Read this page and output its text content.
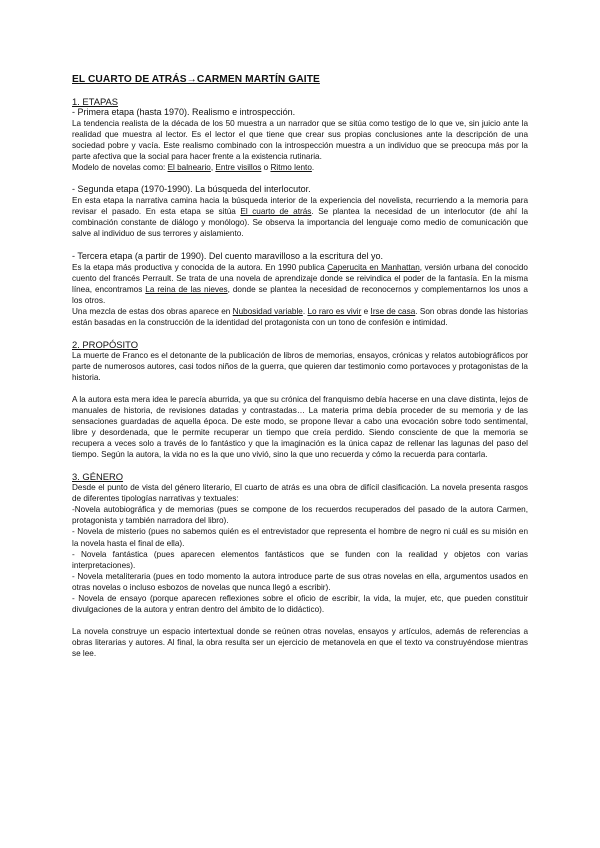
EL CUARTO DE ATRÁS→CARMEN MARTÍN GAITE
1. ETAPAS
- Primera etapa (hasta 1970). Realismo e introspección.
La tendencia realista de la década de los 50 muestra a un narrador que se sitúa como testigo de lo que ve, sin juicio ante la realidad que muestra al lector. Es el lector el que tiene que crear sus propias conclusiones ante la descripción de una sociedad pobre y vacía. Este realismo combinado con la introspección muestra a un individuo que se preocupa más por la parte afectiva que la social para hacer frente a la existencia rutinaria.
Modelo de novelas como: El balneario, Entre visillos o Ritmo lento.
- Segunda etapa (1970-1990). La búsqueda del interlocutor.
En esta etapa la narrativa camina hacia la búsqueda interior de la experiencia del novelista, recurriendo a la memoria para revisar el pasado. En esta etapa se sitúa El cuarto de atrás. Se plantea la necesidad de un interlocutor (de ahí la combinación constante de diálogo y monólogo). Se observa la importancia del lenguaje como medio de comunicación que salve al individuo de sus terrores y aislamiento.
- Tercera etapa (a partir de 1990). Del cuento maravilloso a la escritura del yo.
Es la etapa más productiva y conocida de la autora. En 1990 publica Caperucita en Manhattan, versión urbana del conocido cuento del francés Perrault. Se trata de una novela de aprendizaje donde se reivindica el poder de la fantasía. En la misma línea, encontramos La reina de las nieves, donde se plantea la necesidad de reconocernos y complementarnos los unos a los otros.
Una mezcla de estas dos obras aparece en Nubosidad variable. Lo raro es vivir e Irse de casa. Son obras donde las historias están basadas en la construcción de la identidad del protagonista con un tono de confesión e intimidad.
2. PROPÓSITO
La muerte de Franco es el detonante de la publicación de libros de memorias, ensayos, crónicas y relatos autobiográficos por parte de numerosos autores, casi todos niños de la guerra, que quieren dar testimonio como portavoces y protagonistas de la historia.
A la autora esta mera idea le parecía aburrida, ya que su crónica del franquismo debía hacerse en una clave distinta, lejos de manuales de historia, de revisiones datadas y contrastadas… La materia prima debía proceder de su memoria y de las sensaciones guardadas de aquella época. De este modo, se propone llevar a cabo una evocación sobre todo sentimental, libre y desordenada, que le permite recuperar un tiempo que creía perdido. Siendo consciente de que la memoria se recupera a veces solo a través de lo fantástico y que la imaginación es la única capaz de rellenar las lagunas del paso del tiempo. Según la autora, la vida no es la que uno vivió, sino la que uno recuerda y cómo la recuerda para contarla.
3. GÉNERO
Desde el punto de vista del género literario, El cuarto de atrás es una obra de difícil clasificación. La novela presenta rasgos de diferentes tipologías narrativas y textuales:
-Novela autobiográfica y de memorias (pues se compone de los recuerdos recuperados del pasado de la autora Carmen, protagonista y también narradora del libro).
- Novela de misterio (pues no sabemos quién es el entrevistador que representa el hombre de negro ni cuál es su misión en la novela hasta el final de ella).
- Novela fantástica (pues aparecen elementos fantásticos que se funden con la realidad y objetos con varias interpretaciones).
- Novela metaliteraria (pues en todo momento la autora introduce parte de sus otras novelas en ella, argumentos usados en otras novelas o incluso esbozos de novelas que nunca llegó a escribir).
- Novela de ensayo (porque aparecen reflexiones sobre el oficio de escribir, la vida, la mujer, etc, que pueden constituir divulgaciones de la autora y entran dentro del ámbito de lo didáctico).
La novela construye un espacio intertextual donde se reúnen otras novelas, ensayos y artículos, además de referencias a obras literarias y autores. Al final, la obra resulta ser un ejercicio de metanovela en que el texto va construyéndose mientras se lee.
